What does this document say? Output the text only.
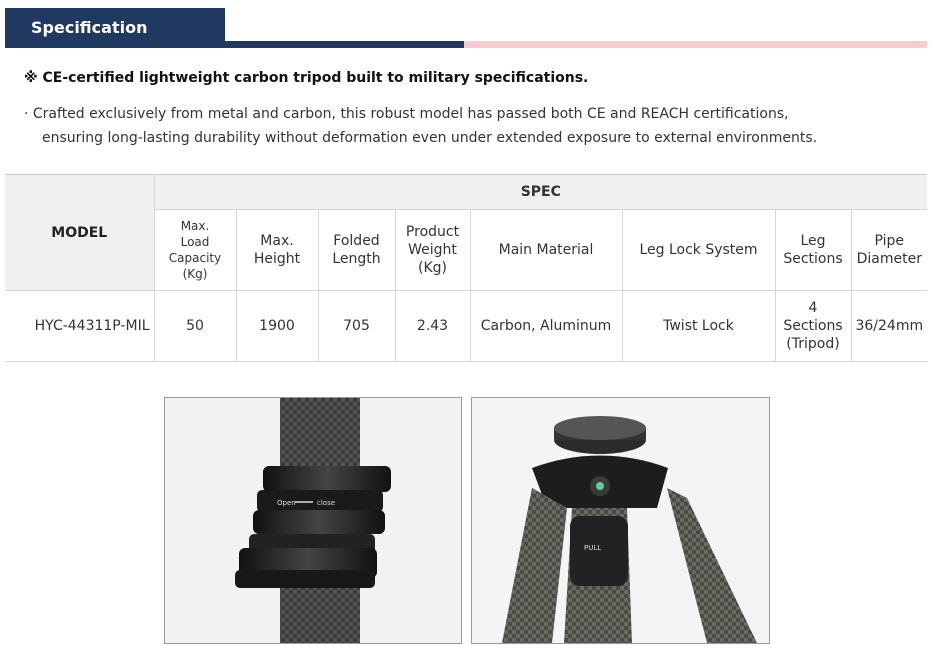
Specification
※ CE-certified lightweight carbon tripod built to military specifications.
· Crafted exclusively from metal and carbon, this robust model has passed both CE and REACH certifications,
ensuring long-lasting durability without deformation even under extended exposure to external environments.
MODEL	SPEC							

	Max.
Load
Capacity
(Kg)	Max.
Height	Folded
Length	Product
Weight
(Kg)	Main Material	Leg Lock System	Leg
Sections	Pipe
Diameter

HYC-44311P-MIL	50	1900	705	2.43	Carbon, Aluminum	Twist Lock	4
Sections
(Tripod)	36/24mm
Open	close
PULL
